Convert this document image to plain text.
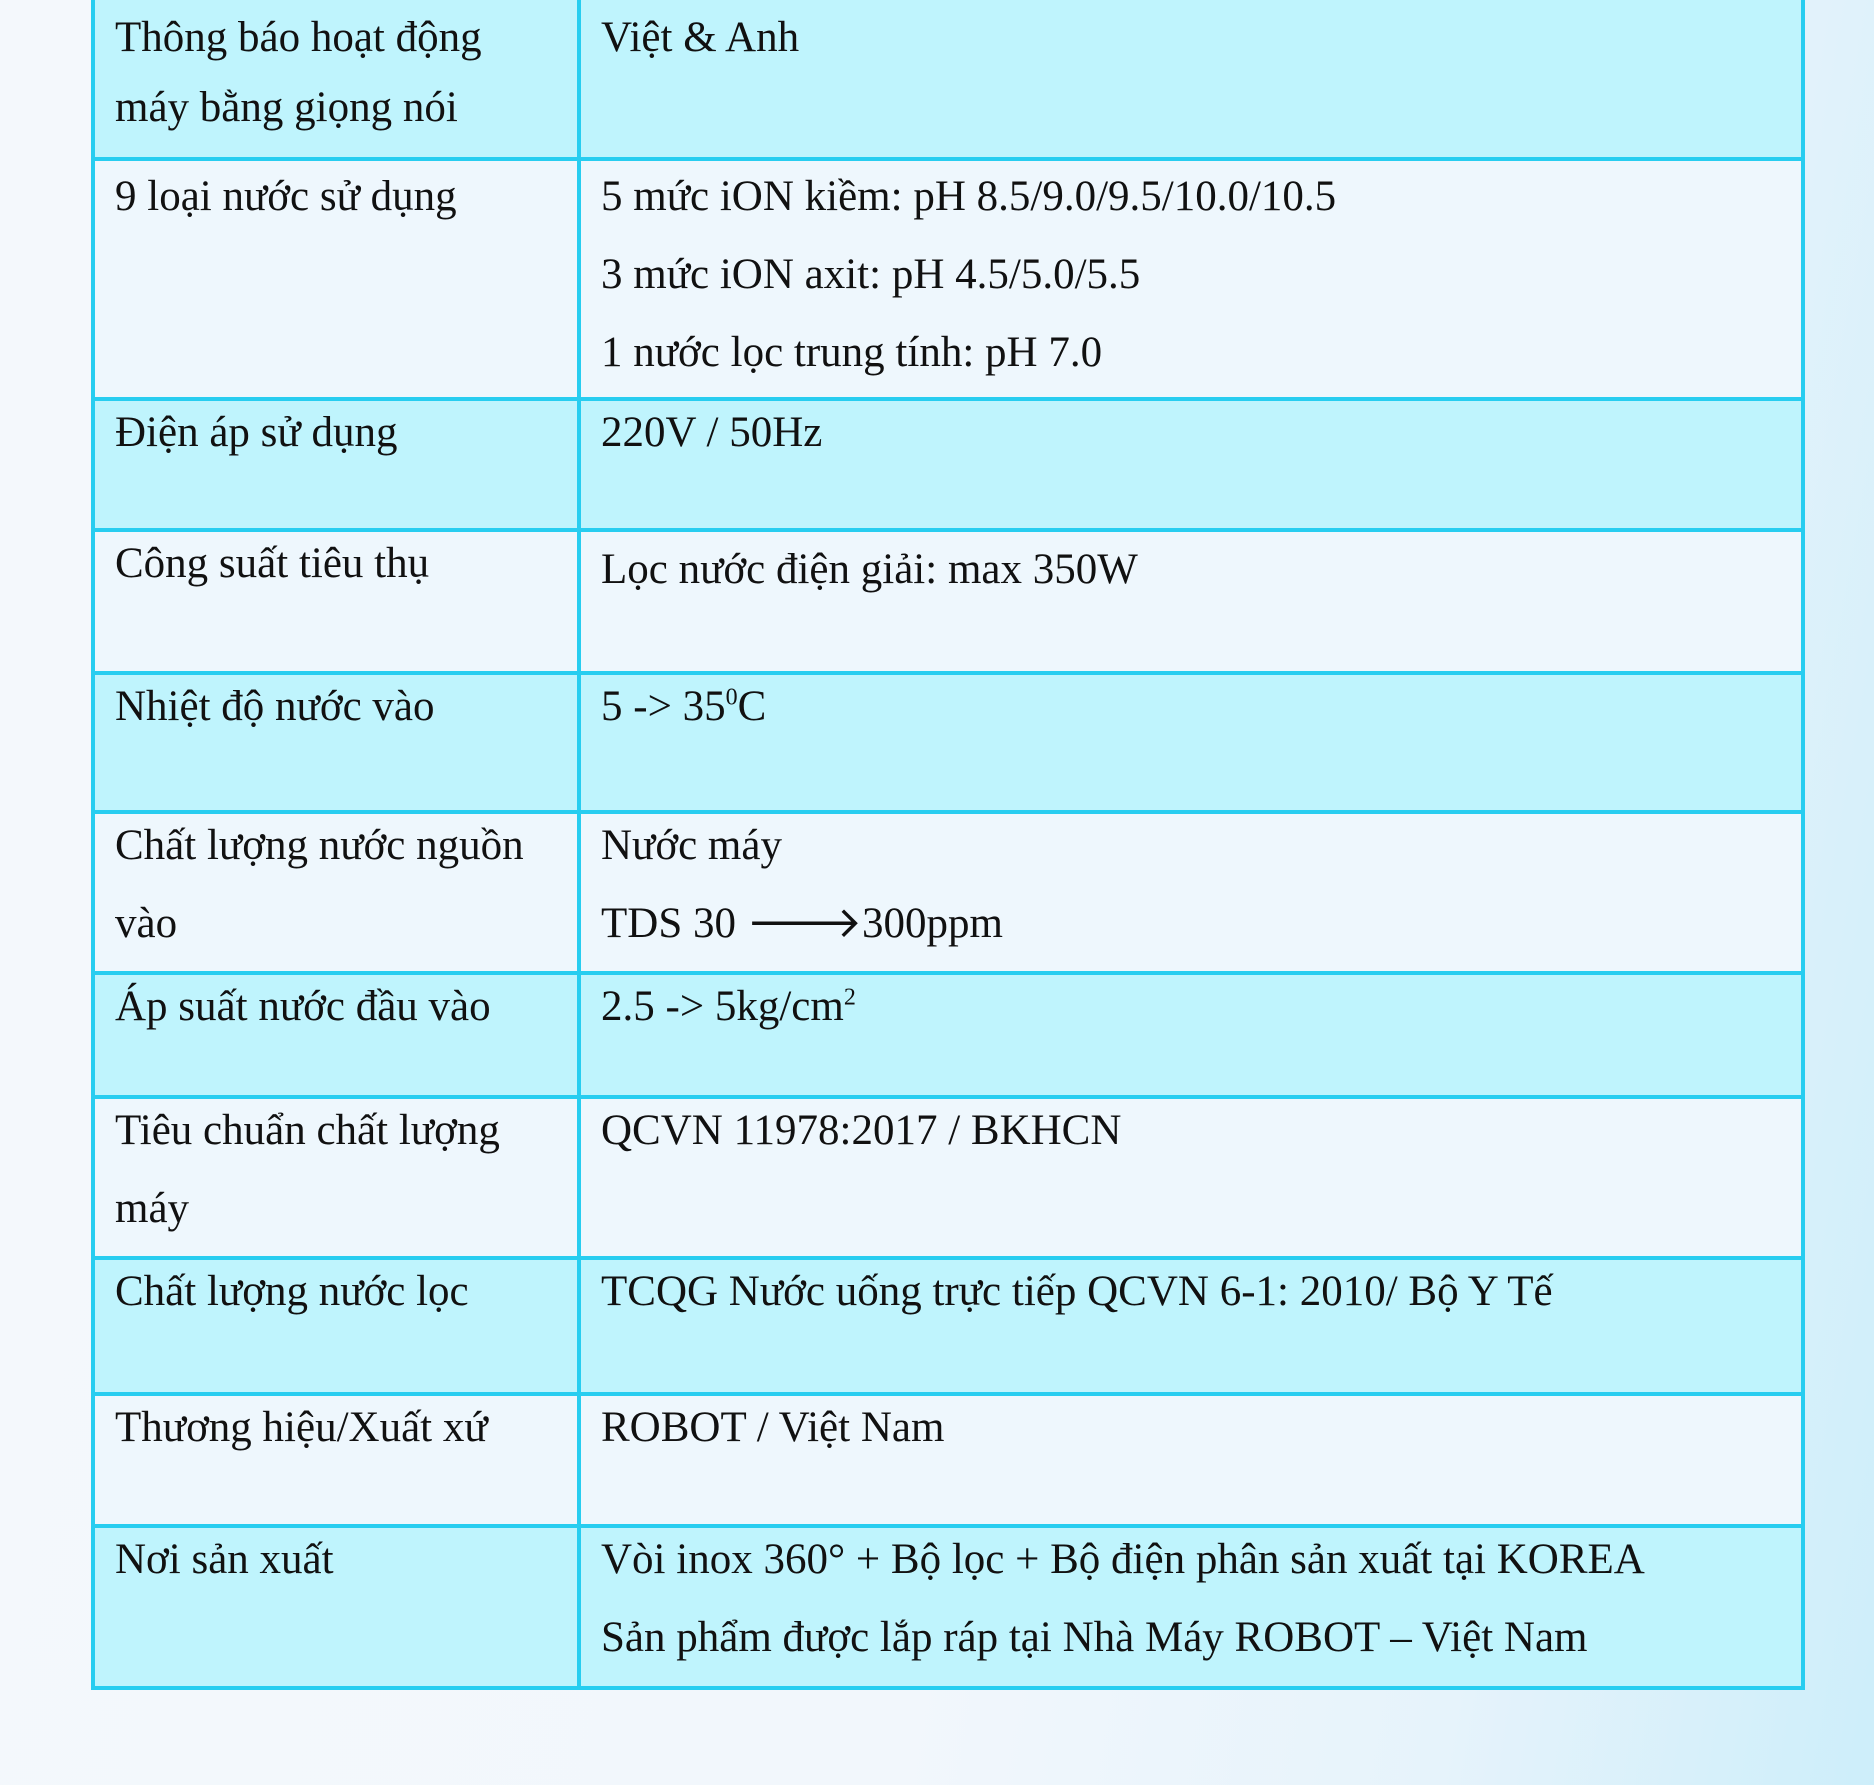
Thông báo hoạt động
máy bằng giọng nói	Việt & Anh

9 loại nước sử dụng	5 mức iON kiềm: pH 8.5/9.0/9.5/10.0/10.5
3 mức iON axit: pH 4.5/5.0/5.5
1 nước lọc trung tính: pH 7.0

Điện áp sử dụng	220V / 50Hz

Công suất tiêu thụ	Lọc nước điện giải: max 350W

Nhiệt độ nước vào	$5 -> 35^0C$

Chất lượng nước nguồn
vào	Nước máy
TDS 30 🡒300ppm

Áp suất nước đầu vào	$2.5 -> 5kg/cm^2$

Tiêu chuẩn chất lượng
máy	QCVN 11978:2017 / BKHCN

Chất lượng nước lọc	TCQG Nước uống trực tiếp QCVN 6-1: 2010/ Bộ Y Tế

Thương hiệu/Xuất xứ	ROBOT / Việt Nam

Nơi sản xuất	Vòi inox 360° + Bộ lọc + Bộ điện phân sản xuất tại KOREA
Sản phẩm được lắp ráp tại Nhà Máy ROBOT – Việt Nam
